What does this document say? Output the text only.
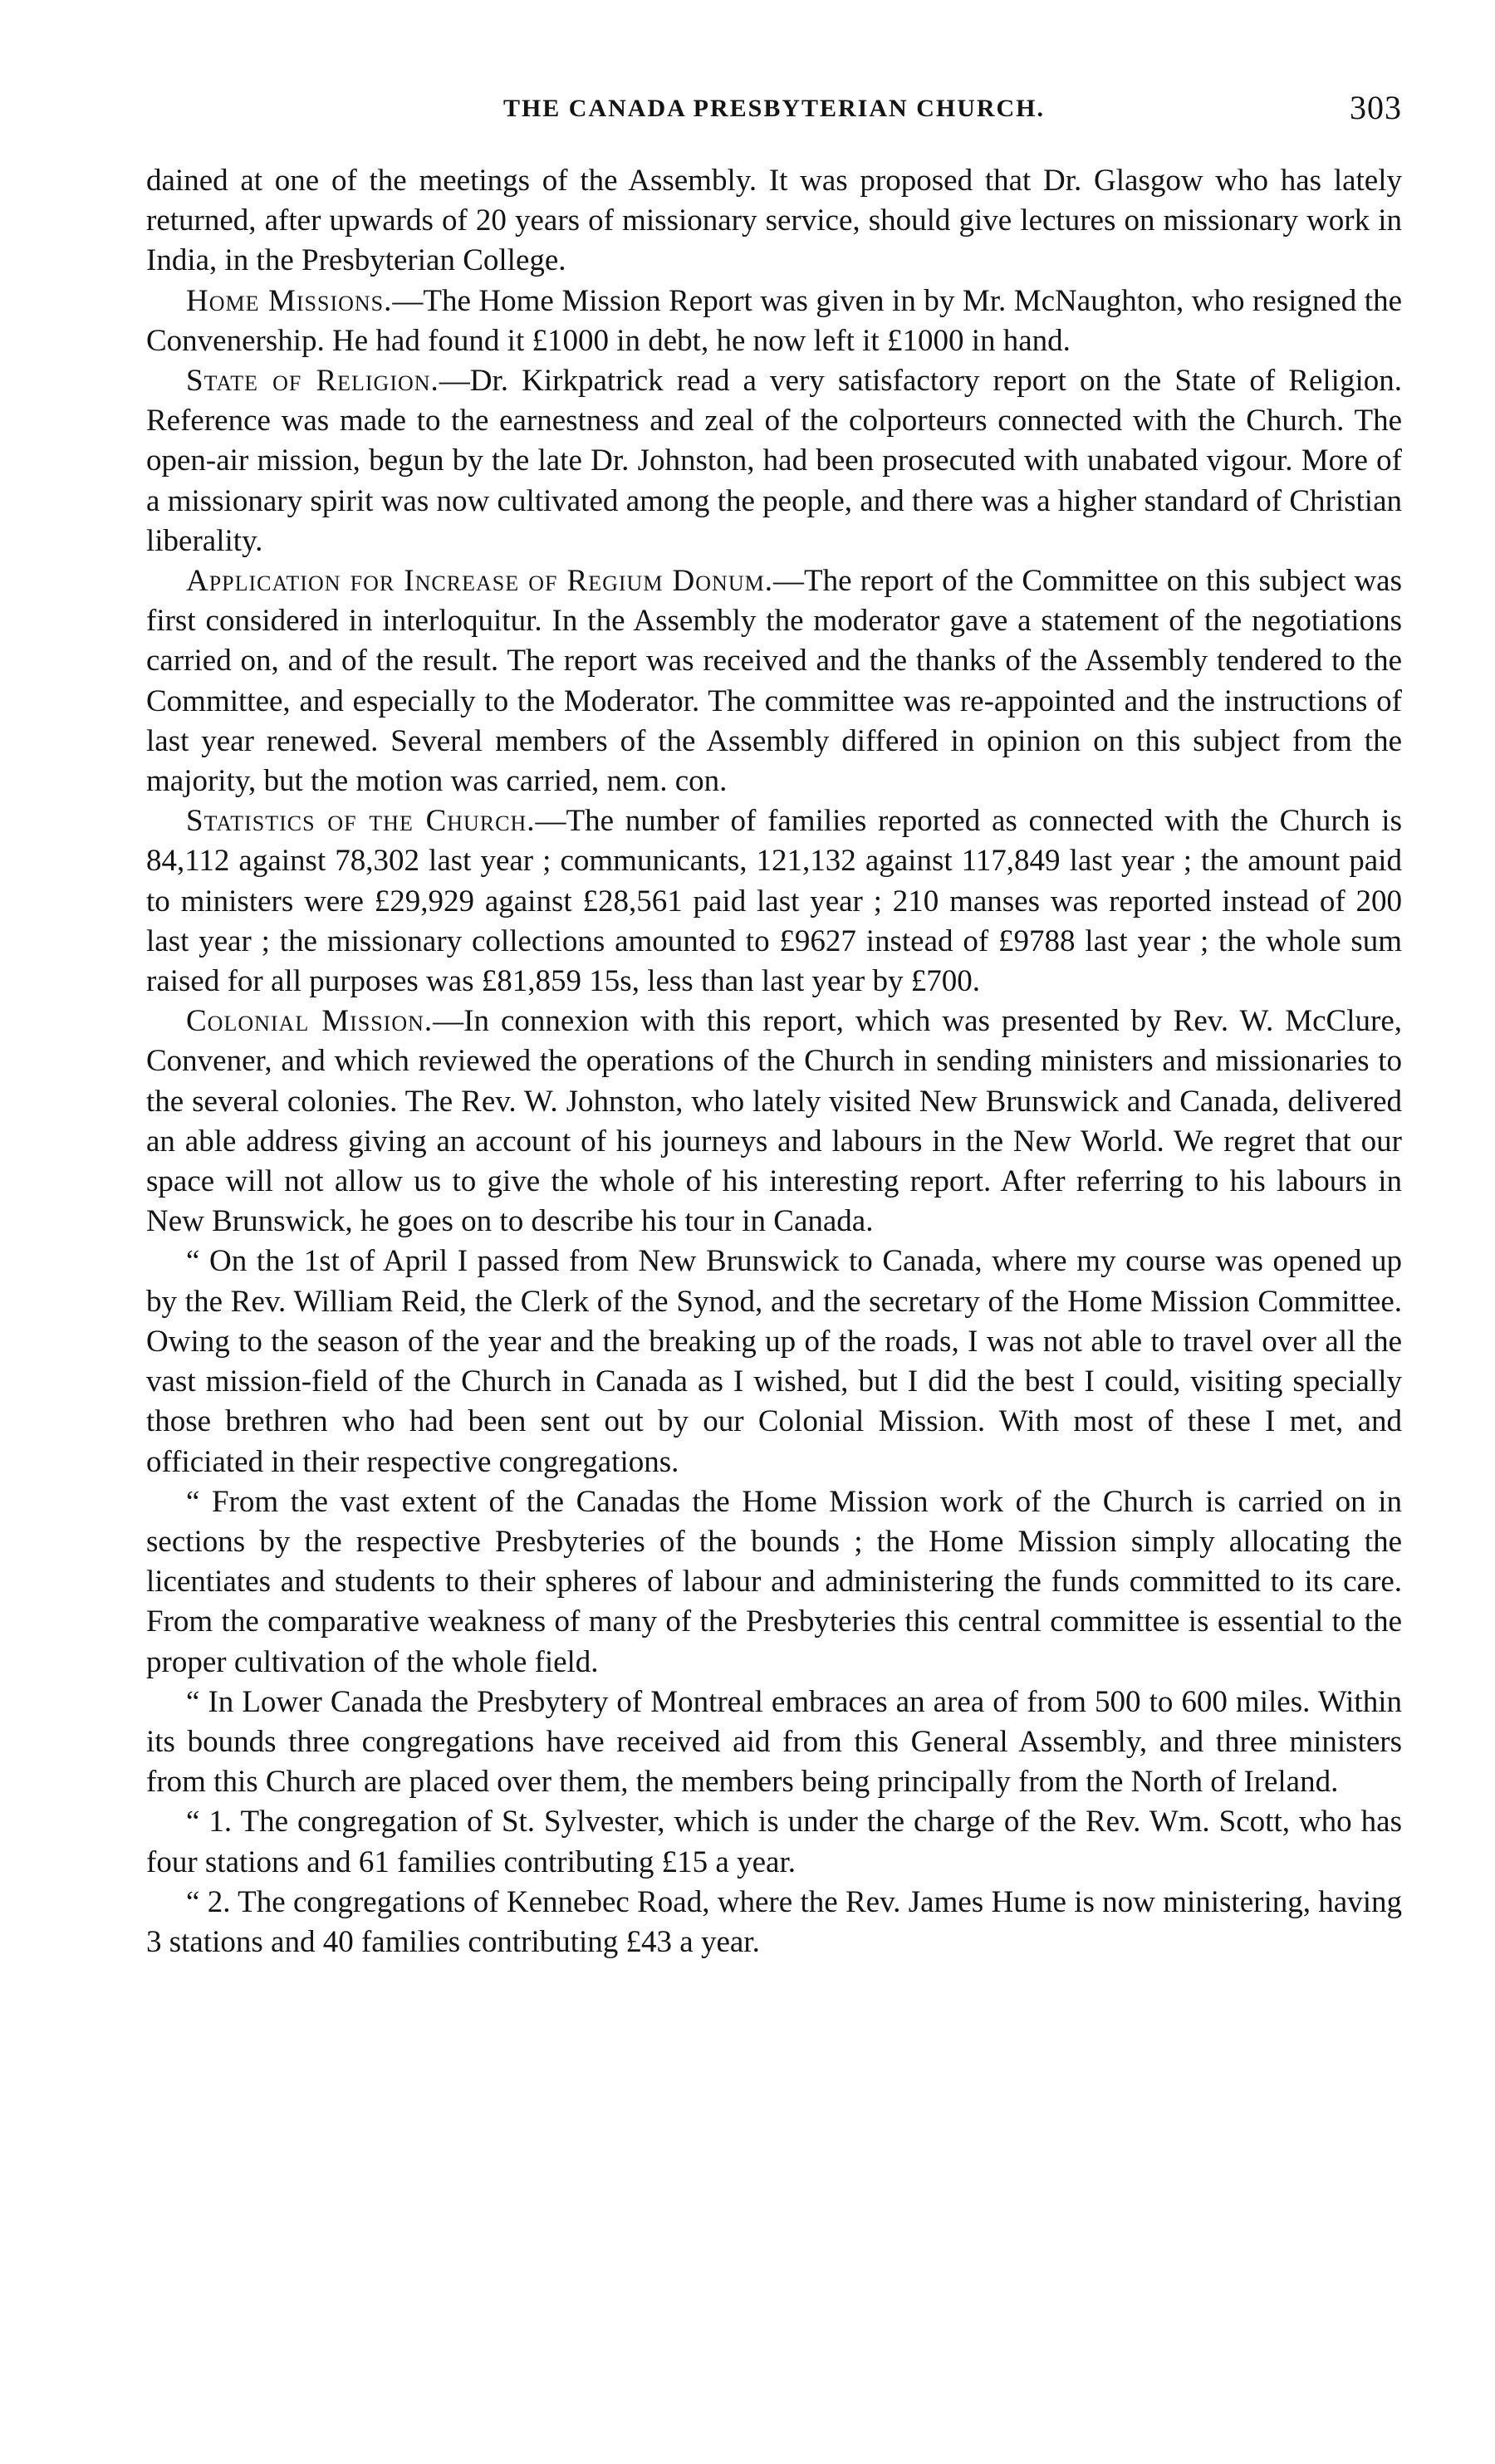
THE CANADA PRESBYTERIAN CHURCH.	303

dained at one of the meetings of the Assembly. It was proposed that Dr. Glasgow who has lately returned, after upwards of 20 years of missionary service, should give lectures on missionary work in India, in the Presbyterian College.

Home Missions.—The Home Mission Report was given in by Mr. McNaughton, who resigned the Convenership. He had found it £1000 in debt, he now left it £1000 in hand.

State of Religion.—Dr. Kirkpatrick read a very satisfactory report on the State of Religion. Reference was made to the earnestness and zeal of the colporteurs connected with the Church. The open-air mission, begun by the late Dr. Johnston, had been prosecuted with unabated vigour. More of a missionary spirit was now cultivated among the people, and there was a higher standard of Christian liberality.

Application for Increase of Regium Donum.—The report of the Committee on this subject was first considered in interloquitur. In the Assembly the moderator gave a statement of the negotiations carried on, and of the result. The report was received and the thanks of the Assembly tendered to the Committee, and especially to the Moderator. The committee was re-appointed and the instructions of last year renewed. Several members of the Assembly differed in opinion on this subject from the majority, but the motion was carried, nem. con.

Statistics of the Church.—The number of families reported as connected with the Church is 84,112 against 78,302 last year ; communicants, 121,132 against 117,849 last year ; the amount paid to ministers were £29,929 against £28,561 paid last year ; 210 manses was reported instead of 200 last year ; the missionary collections amounted to £9627 instead of £9788 last year ; the whole sum raised for all purposes was £81,859 15s, less than last year by £700.

Colonial Mission.—In connexion with this report, which was presented by Rev. W. McClure, Convener, and which reviewed the operations of the Church in sending ministers and missionaries to the several colonies. The Rev. W. Johnston, who lately visited New Brunswick and Canada, delivered an able address giving an account of his journeys and labours in the New World. We regret that our space will not allow us to give the whole of his interesting report. After referring to his labours in New Brunswick, he goes on to describe his tour in Canada.

“ On the 1st of April I passed from New Brunswick to Canada, where my course was opened up by the Rev. William Reid, the Clerk of the Synod, and the secretary of the Home Mission Committee. Owing to the season of the year and the breaking up of the roads, I was not able to travel over all the vast mission-field of the Church in Canada as I wished, but I did the best I could, visiting specially those brethren who had been sent out by our Colonial Mission. With most of these I met, and officiated in their respective congregations.

“ From the vast extent of the Canadas the Home Mission work of the Church is carried on in sections by the respective Presbyteries of the bounds ; the Home Mission simply allocating the licentiates and students to their spheres of labour and administering the funds committed to its care. From the comparative weakness of many of the Presbyteries this central committee is essential to the proper cultivation of the whole field.

“ In Lower Canada the Presbytery of Montreal embraces an area of from 500 to 600 miles. Within its bounds three congregations have received aid from this General Assembly, and three ministers from this Church are placed over them, the members being principally from the North of Ireland.

“ 1. The congregation of St. Sylvester, which is under the charge of the Rev. Wm. Scott, who has four stations and 61 families contributing £15 a year.

“ 2. The congregations of Kennebec Road, where the Rev. James Hume is now ministering, having 3 stations and 40 families contributing £43 a year.
